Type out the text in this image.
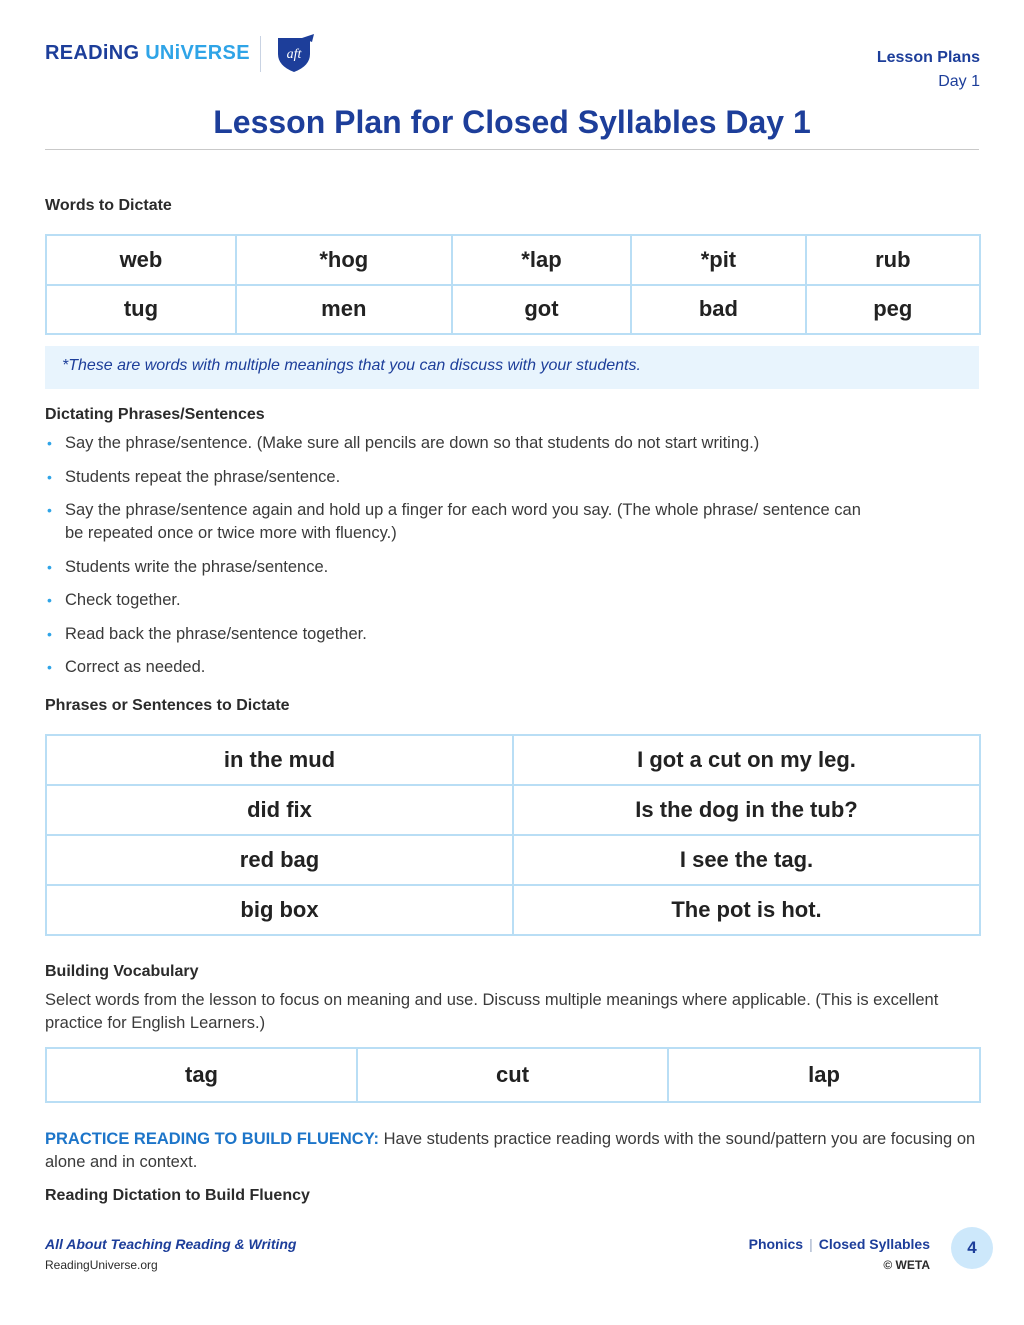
READiNG UNiVERSE	aft	Lesson Plans
Day 1
Lesson Plan for Closed Syllables Day 1
Words to Dictate
web	*hog	*lap	*pit	rub
tug	men	got	bad	peg
*These are words with multiple meanings that you can discuss with your students.
Dictating Phrases/Sentences
• Say the phrase/sentence. (Make sure all pencils are down so that students do not start writing.)
• Students repeat the phrase/sentence.
• Say the phrase/sentence again and hold up a finger for each word you say. (The whole phrase/ sentence can be repeated once or twice more with fluency.)
• Students write the phrase/sentence.
• Check together.
• Read back the phrase/sentence together.
• Correct as needed.
Phrases or Sentences to Dictate
in the mud	I got a cut on my leg.
did fix	Is the dog in the tub?
red bag	I see the tag.
big box	The pot is hot.
Building Vocabulary
Select words from the lesson to focus on meaning and use. Discuss multiple meanings where applicable. (This is excellent practice for English Learners.)
tag	cut	lap
PRACTICE READING TO BUILD FLUENCY: Have students practice reading words with the sound/pattern you are focusing on alone and in context.
Reading Dictation to Build Fluency
All About Teaching Reading & Writing
ReadingUniverse.org
Phonics | Closed Syllables
© WETA
4
